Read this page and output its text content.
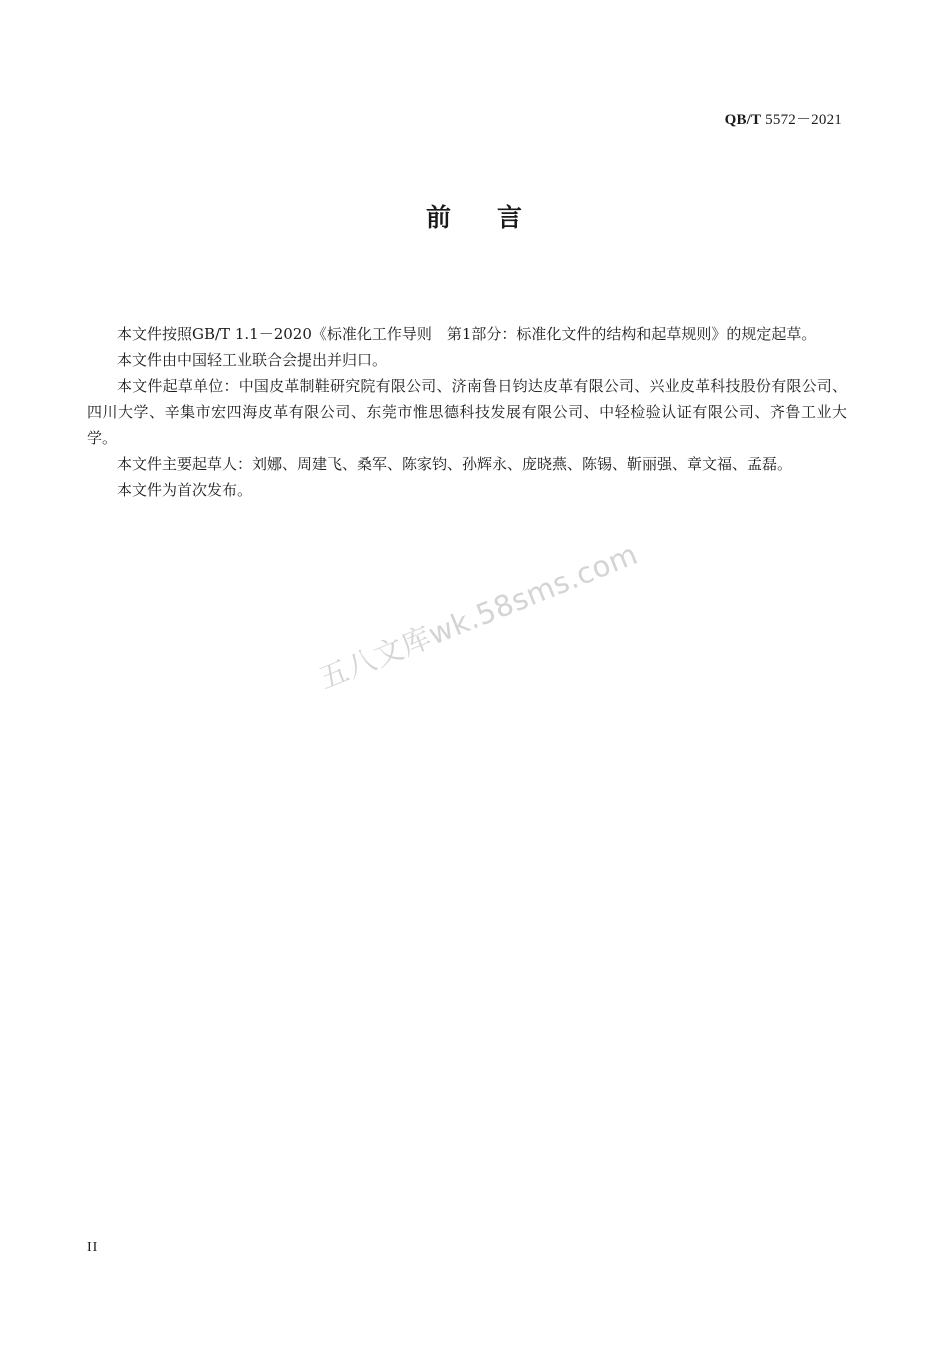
QB/T 5572－2021
前 言

本文件按照GB/T 1.1－2020《标准化工作导则　第1部分：标准化文件的结构和起草规则》的规定起草。

本文件由中国轻工业联合会提出并归口。

本文件起草单位：中国皮革制鞋研究院有限公司、济南鲁日钧达皮革有限公司、兴业皮革科技股份有限公司、四川大学、辛集市宏四海皮革有限公司、东莞市惟思德科技发展有限公司、中轻检验认证有限公司、齐鲁工业大学。

本文件主要起草人：刘娜、周建飞、桑军、陈家钧、孙辉永、庞晓燕、陈锡、靳丽强、章文福、孟磊。

本文件为首次发布。

五八文库wk.58sms.com
II
